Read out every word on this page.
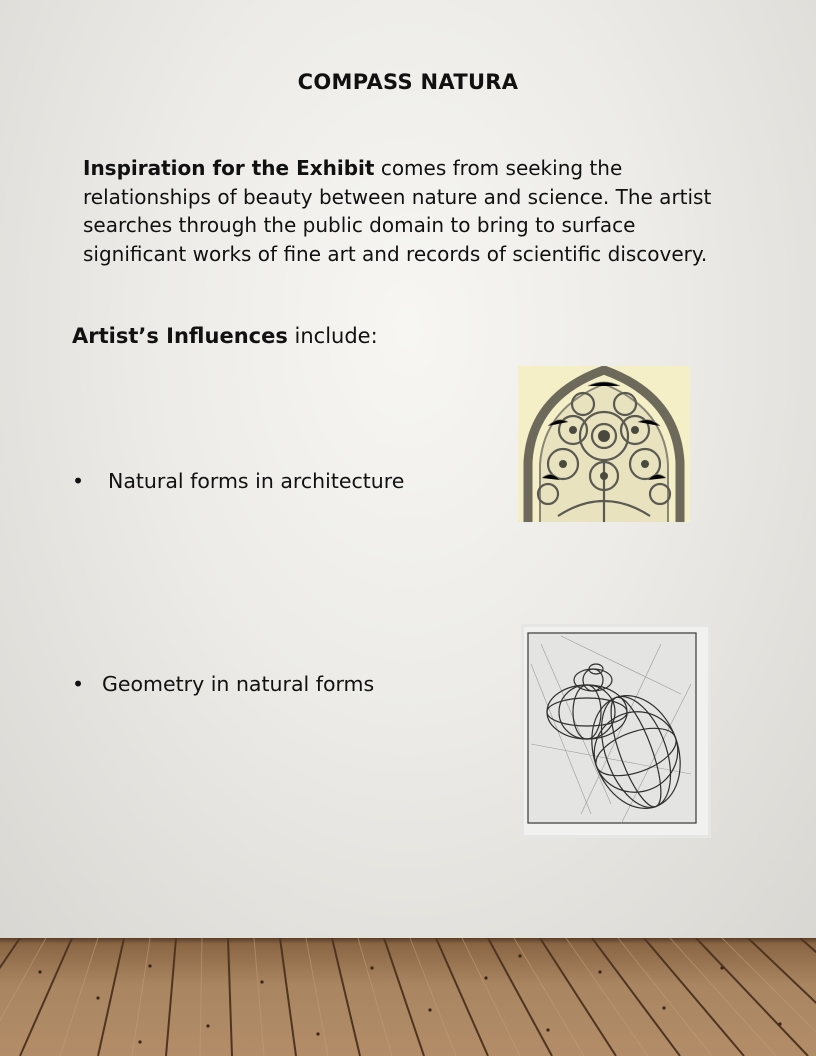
COMPASS NATURA

Inspiration for the Exhibit comes from seeking the relationships of beauty between nature and science. The artist searches through the public domain to bring to surface significant works of fine art and records of scientific discovery.

Artist’s Influences include:

•	Natural forms in architecture
• Geometry in natural forms
